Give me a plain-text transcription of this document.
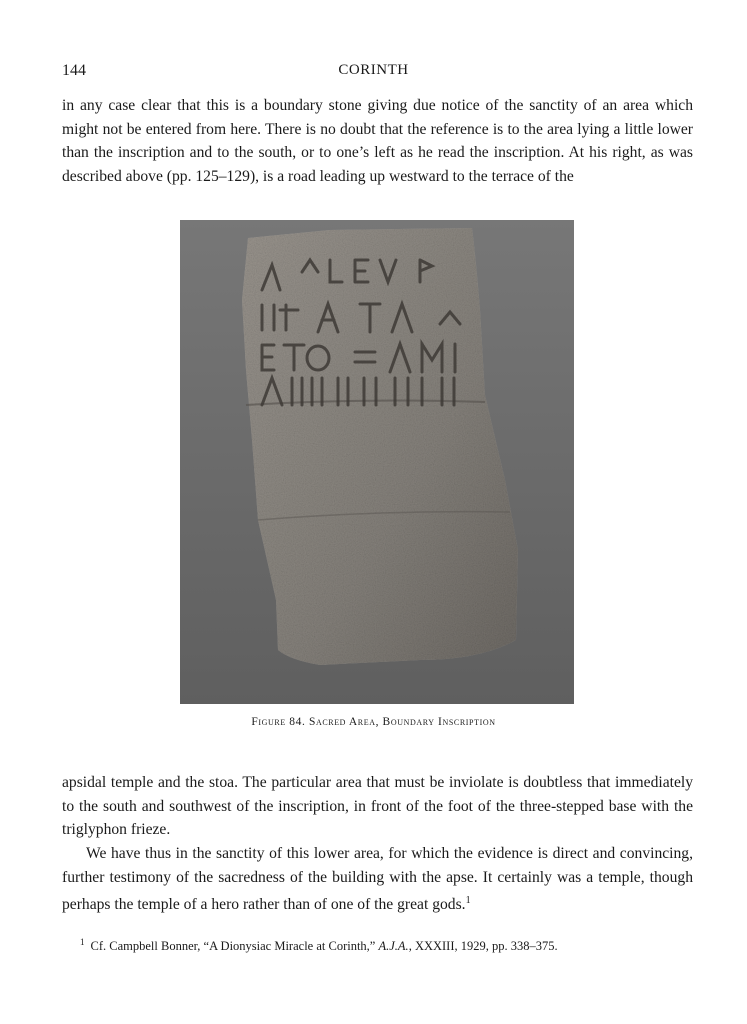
144	CORINTH

in any case clear that this is a boundary stone giving due notice of the sanctity of an area which might not be entered from here. There is no doubt that the reference is to the area lying a little lower than the inscription and to the south, or to one’s left as he read the inscription. At his right, as was described above (pp. 125–129), is a road leading up westward to the terrace of the

Figure 84. Sacred Area, Boundary Inscription

apsidal temple and the stoa. The particular area that must be inviolate is doubtless that immediately to the south and southwest of the inscription, in front of the foot of the three-stepped base with the triglyphon frieze.

We have thus in the sanctity of this lower area, for which the evidence is direct and convincing, further testimony of the sacredness of the building with the apse. It certainly was a temple, though perhaps the temple of a hero rather than of one of the great gods.$^1$

$^1$ Cf. Campbell Bonner, “A Dionysiac Miracle at Corinth,” A.J.A., XXXIII, 1929, pp. 338–375.
